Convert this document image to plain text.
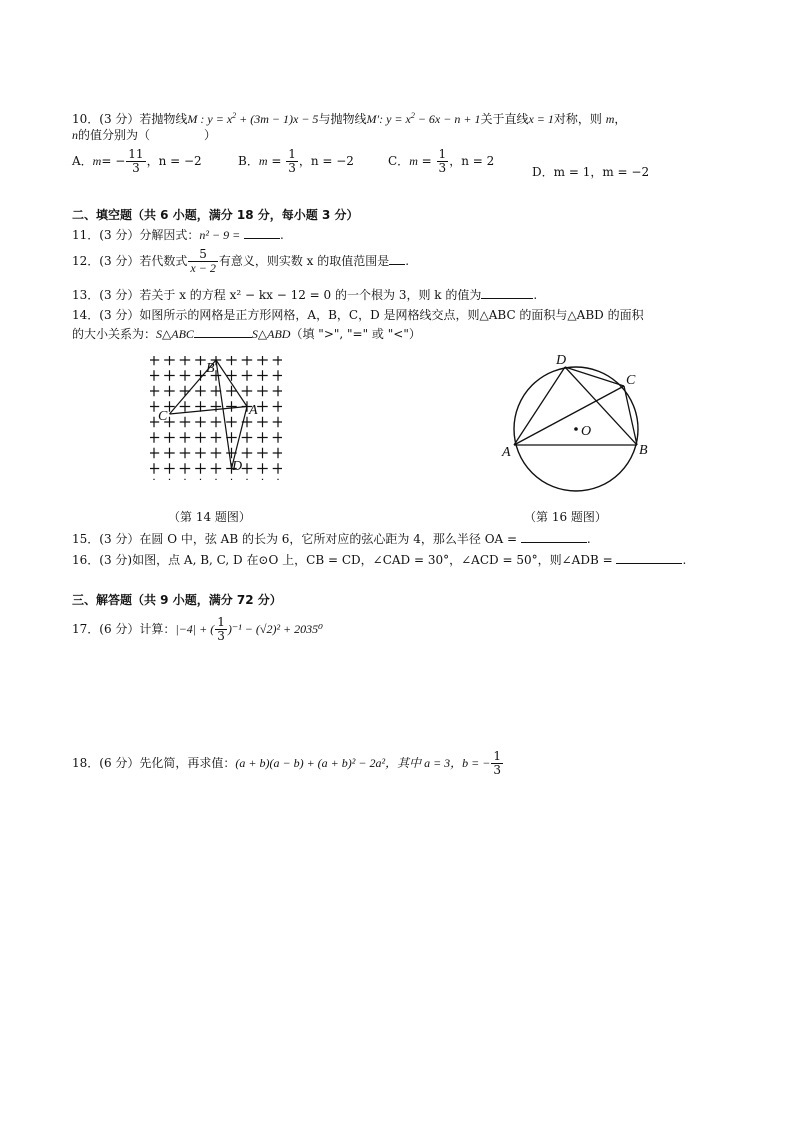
10．(3 分）若抛物线M : $y = x^2 + (3m - 1)x - 5$与抛物线M′: $y = x^2 - 6x - n + 1$关于直线x = 1对称，则 m，
n的值分别为（	）
A．$m= - \frac{11}{3}$ ，n = −2	B．$m = \frac{1}{3}$ ，n = −2	C．$m = \frac{1}{3}$ ，n = 2
D．m = 1，m = −2
二、填空题（共 6 小题，满分 18 分，每小题 3 分）
11．(3 分）分解因式：n² − 9 =	.
12．(3 分）若代数式 $\frac{5}{x - 2}$ 有意义，则实数 x 的取值范围是 .
13．(3 分）若关于 x 的方程 x² − kx − 12 = 0 的一个根为 3，则 k 的值为	.
14．(3 分）如图所示的网格是正方形网格，A，B，C，D 是网格线交点，则△ABC 的面积与△ABD 的面积
的大小关系为：S△ABC	S△ABD（填 ">", "=" 或 "<"）
B
C	A
D
（第 14 题图）
D
C
A	B
O
（第 16 题图）
15．(3 分）在圆 O 中，弦 AB 的长为 6，它所对应的弦心距为 4，那么半径 OA =	.
16．(3 分)如图，点 A, B, C, D 在⊙O 上，CB = CD，∠CAD = 30°，∠ACD = 50°，则∠ADB =	.
三、解答题（共 9 小题，满分 72 分）
17．(6 分）计算：|−4| + ( $\frac{1}{3} )^{-1} - (√2)^2 + 2035^0$
18．(6 分）先化简，再求值：(a + b)(a − b) + (a + b)² − 2a²，其中 a = 3，b = − $\frac{1}{3}$
